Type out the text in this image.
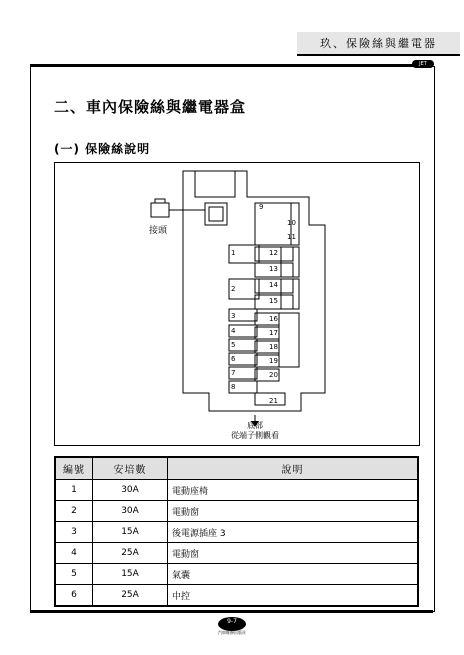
玖、保險絲與繼電器
JET
二、車內保險絲與繼電器盒
(一) 保險絲說明
9
10
11
1	12
13
14
15
2
3	16
4	17
5	18
6	19
7	20
8
21
接頭
底部
從端子側觀看
編號	安培數	說明
1	30A	電動座椅
2	30A	電動窗
3	15A	後電源插座 3
4	25A	電動窗
5	15A	氣囊
6	25A	中控
9-7
汽車維修出版社
